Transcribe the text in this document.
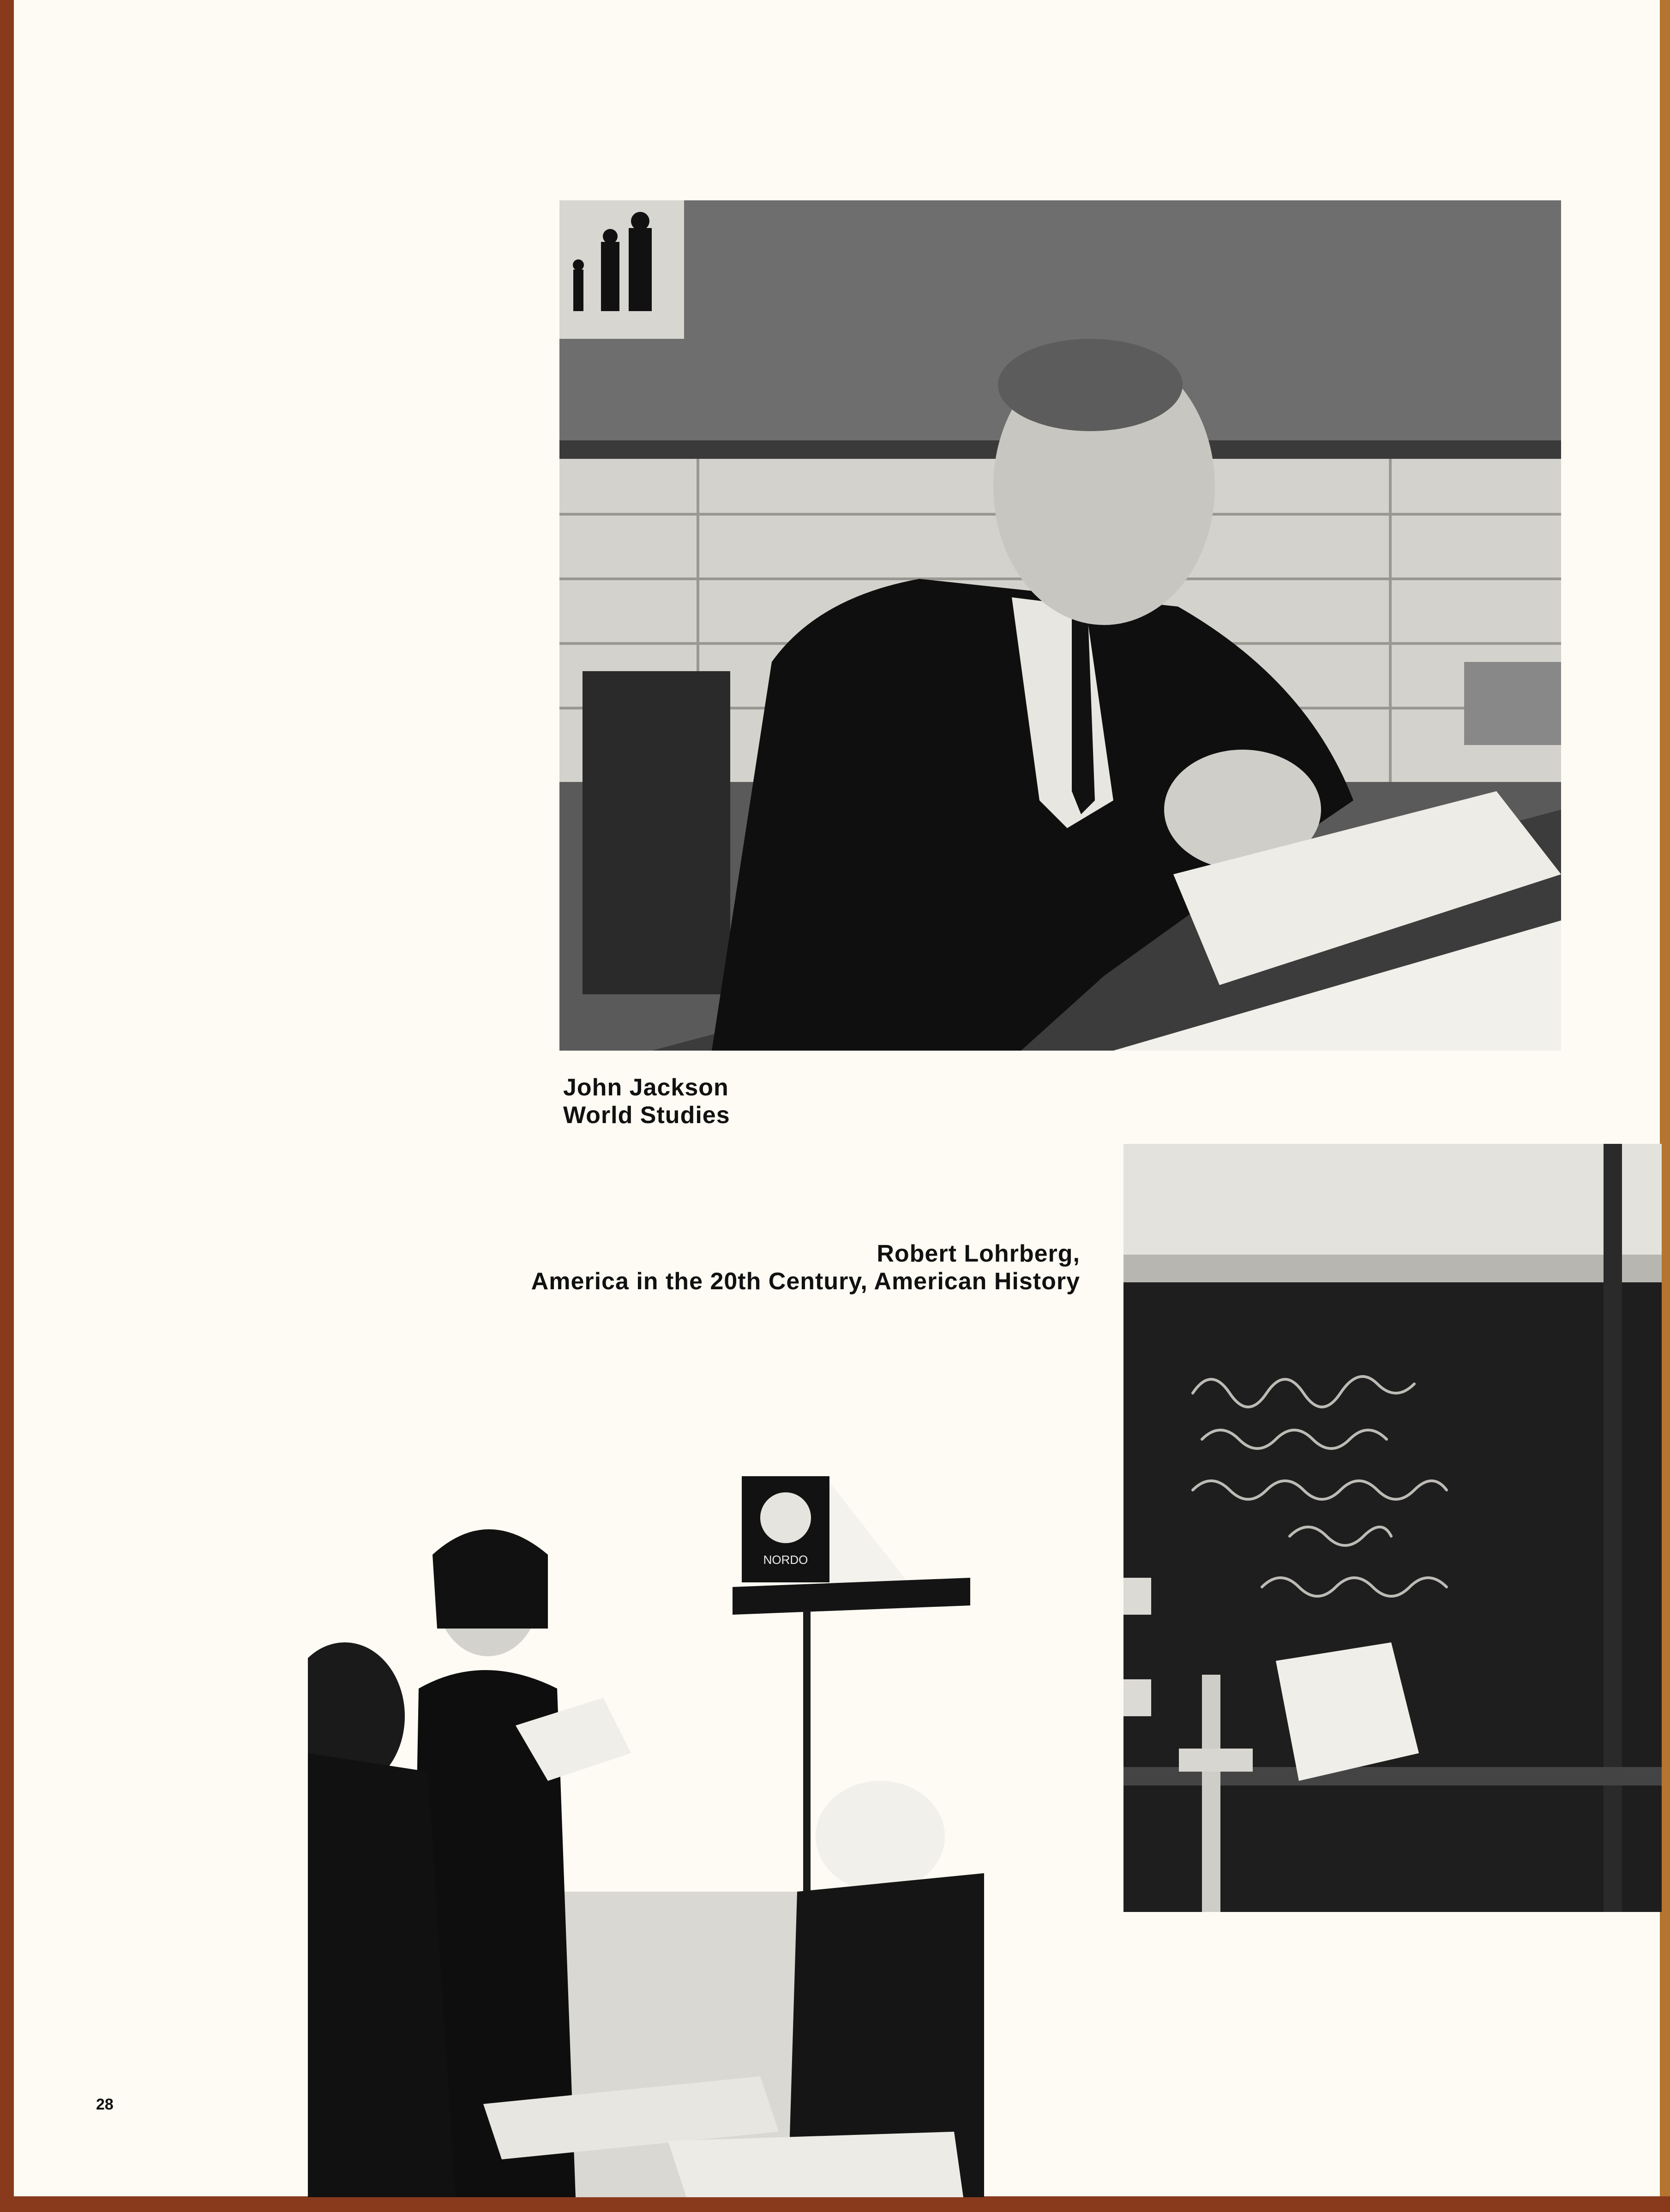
John Jackson
World Studies
Robert Lohrberg,
America in the 20th Century, American History
NORDO
28
